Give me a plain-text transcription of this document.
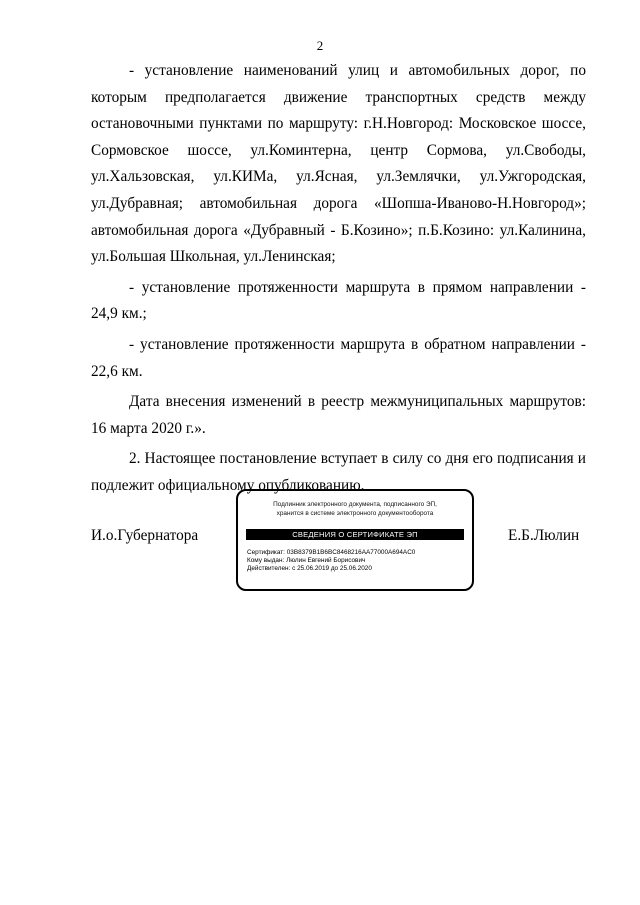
2

- установление наименований улиц и автомобильных дорог, по которым предполагается движение транспортных средств между остановочными пунктами по маршруту: г.Н.Новгород: Московское шоссе, Сормовское шоссе, ул.Коминтерна, центр Сормова, ул.Свободы, ул.Хальзовская, ул.КИМа, ул.Ясная, ул.Землячки, ул.Ужгородская, ул.Дубравная; автомобильная дорога «Шопша-Иваново-Н.Новгород»; автомобильная дорога «Дубравный - Б.Козино»; п.Б.Козино: ул.Калинина, ул.Большая Школьная, ул.Ленинская;

- установление протяженности маршрута в прямом направлении - 24,9 км.;

- установление протяженности маршрута в обратном направлении - 22,6 км.

Дата внесения изменений в реестр межмуниципальных маршрутов: 16 марта 2020 г.».

2. Настоящее постановление вступает в силу со дня его подписания и подлежит официальному опубликованию.

И.о.Губернатора
Подлинник электронного документа, подписанного ЭП,
хранится в системе электронного документооборота
СВЕДЕНИЯ О СЕРТИФИКАТЕ ЭП
Сертификат: 03B8379B1B6BC8468216AA77000A694AC0
Кому выдан: Люлин Евгений Борисович
Действителен: с 25.06.2019 до 25.06.2020
Е.Б.Люлин
